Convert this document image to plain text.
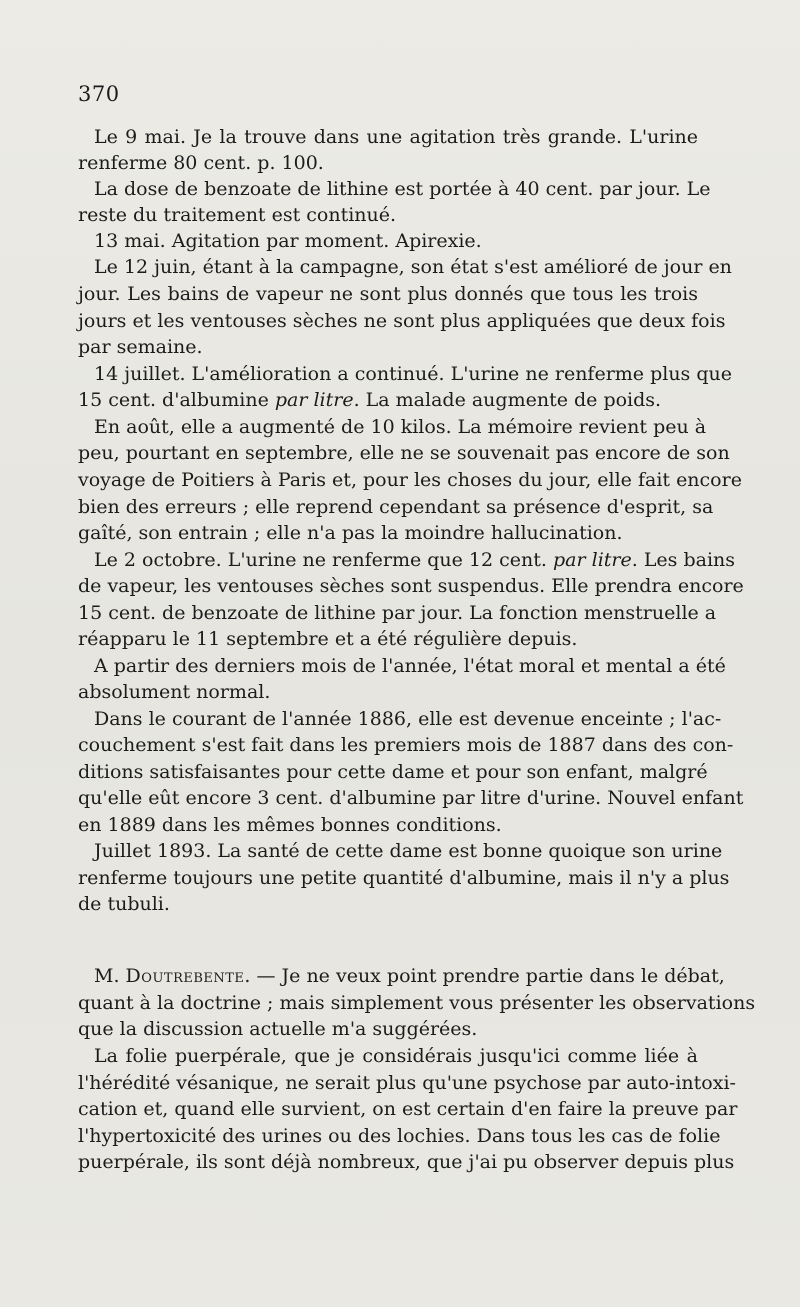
370
Le 9 mai. Je la trouve dans une agitation très grande. L'urine
renferme 80 cent. p. 100.
La dose de benzoate de lithine est portée à 40 cent. par jour. Le
reste du traitement est continué.
13 mai. Agitation par moment. Apirexie.
Le 12 juin, étant à la campagne, son état s'est amélioré de jour en
jour. Les bains de vapeur ne sont plus donnés que tous les trois
jours et les ventouses sèches ne sont plus appliquées que deux fois
par semaine.
14 juillet. L'amélioration a continué. L'urine ne renferme plus que
15 cent. d'albumine par litre. La malade augmente de poids.
En août, elle a augmenté de 10 kilos. La mémoire revient peu à
peu, pourtant en septembre, elle ne se souvenait pas encore de son
voyage de Poitiers à Paris et, pour les choses du jour, elle fait encore
bien des erreurs ; elle reprend cependant sa présence d'esprit, sa
gaîté, son entrain ; elle n'a pas la moindre hallucination.
Le 2 octobre. L'urine ne renferme que 12 cent. par litre. Les bains
de vapeur, les ventouses sèches sont suspendus. Elle prendra encore
15 cent. de benzoate de lithine par jour. La fonction menstruelle a
réapparu le 11 septembre et a été régulière depuis.
A partir des derniers mois de l'année, l'état moral et mental a été
absolument normal.
Dans le courant de l'année 1886, elle est devenue enceinte ; l'ac-
couchement s'est fait dans les premiers mois de 1887 dans des con-
ditions satisfaisantes pour cette dame et pour son enfant, malgré
qu'elle eût encore 3 cent. d'albumine par litre d'urine. Nouvel enfant
en 1889 dans les mêmes bonnes conditions.
Juillet 1893. La santé de cette dame est bonne quoique son urine
renferme toujours une petite quantité d'albumine, mais il n'y a plus
de tubuli.
M. Doutrebente. — Je ne veux point prendre partie dans le débat,
quant à la doctrine ; mais simplement vous présenter les observations
que la discussion actuelle m'a suggérées.
La folie puerpérale, que je considérais jusqu'ici comme liée à
l'hérédité vésanique, ne serait plus qu'une psychose par auto-intoxi-
cation et, quand elle survient, on est certain d'en faire la preuve par
l'hypertoxicité des urines ou des lochies. Dans tous les cas de folie
puerpérale, ils sont déjà nombreux, que j'ai pu observer depuis plus
